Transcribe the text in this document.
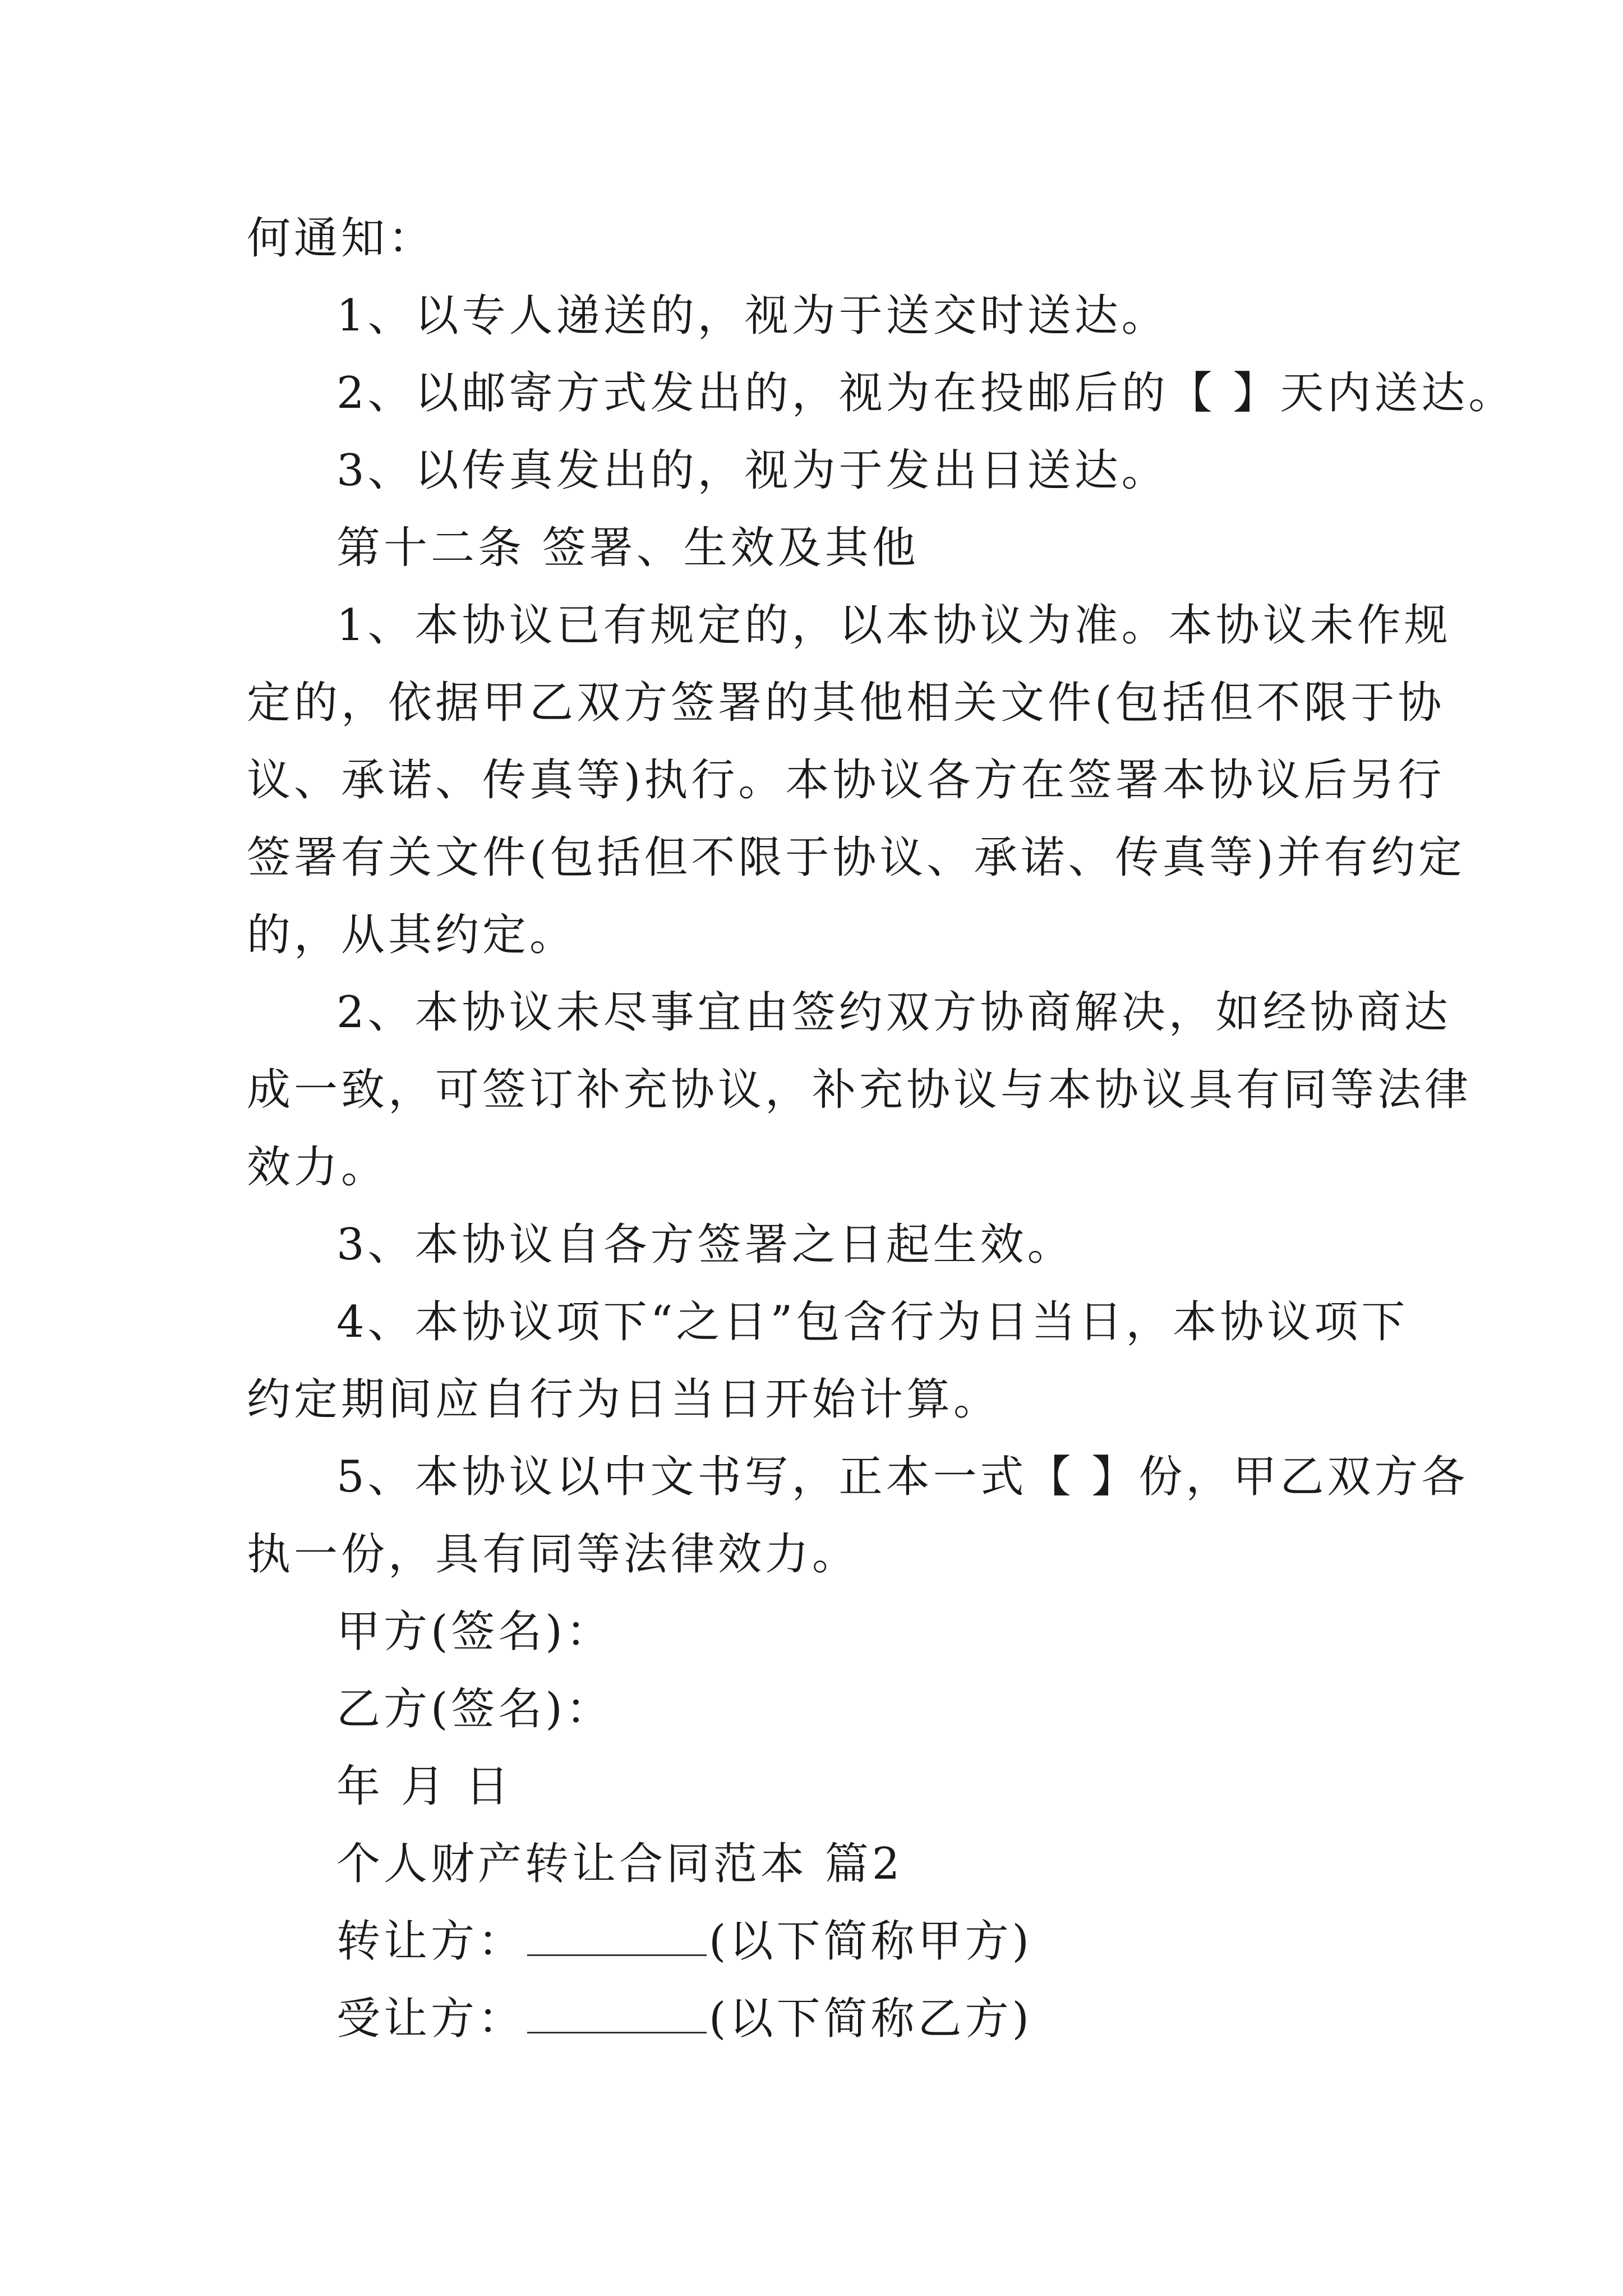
何通知：
1、以专人递送的，视为于送交时送达。
2、以邮寄方式发出的，视为在投邮后的【 】天内送达。
3、以传真发出的，视为于发出日送达。
第十二条 签署、生效及其他
1、本协议已有规定的，以本协议为准。本协议未作规
定的，依据甲乙双方签署的其他相关文件(包括但不限于协
议、承诺、传真等)执行。本协议各方在签署本协议后另行
签署有关文件(包括但不限于协议、承诺、传真等)并有约定
的，从其约定。
2、本协议未尽事宜由签约双方协商解决，如经协商达
成一致，可签订补充协议，补充协议与本协议具有同等法律
效力。
3、本协议自各方签署之日起生效。
4、本协议项下“之日”包含行为日当日，本协议项下
约定期间应自行为日当日开始计算。
5、本协议以中文书写，正本一式【 】份，甲乙双方各
执一份，具有同等法律效力。
甲方(签名)：
乙方(签名)：
年 月 日
个人财产转让合同范本 篇2
转让方：	(以下简称甲方)
受让方：	(以下简称乙方)
